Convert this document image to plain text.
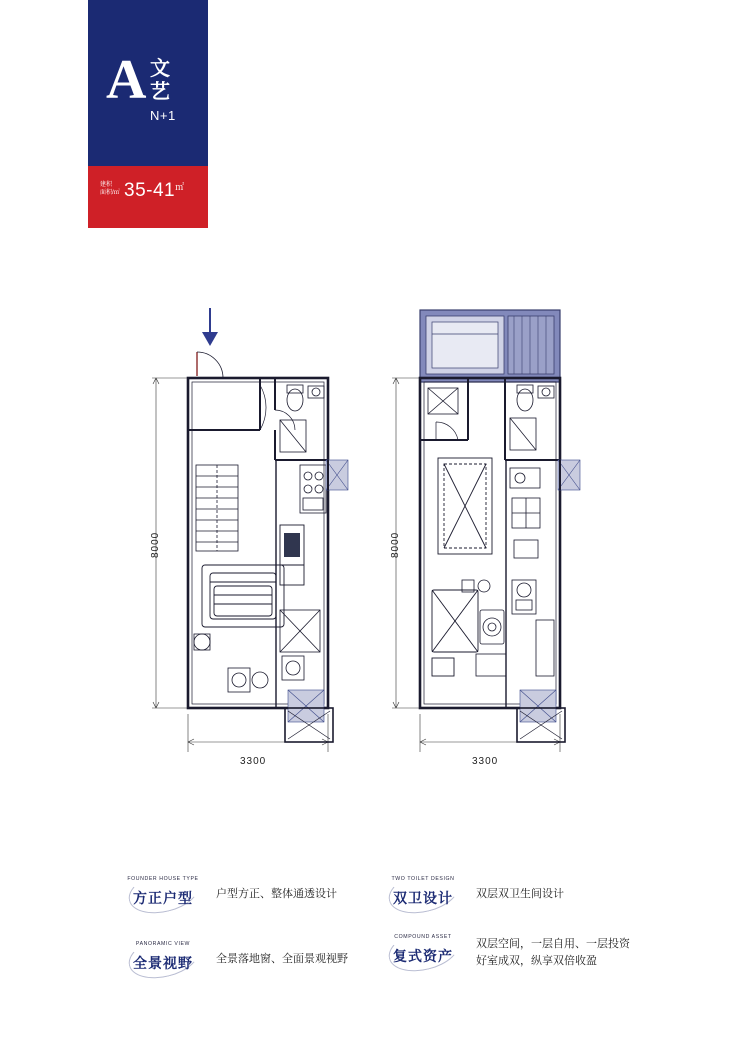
A 文
艺
N+1
建积
面积/㎡ 35-41㎡
8000
3300
8000
3300
FOUNDER HOUSE TYPE
方正户型	户型方正、整体通透设计
TWO TOILET DESIGN
双卫设计	双层双卫生间设计
PANORAMIC VIEW
全景视野	全景落地窗、全面景观视野
COMPOUND ASSET
复式资产
双层空间，一层自用、一层投资
好室成双，纵享双倍收盈
